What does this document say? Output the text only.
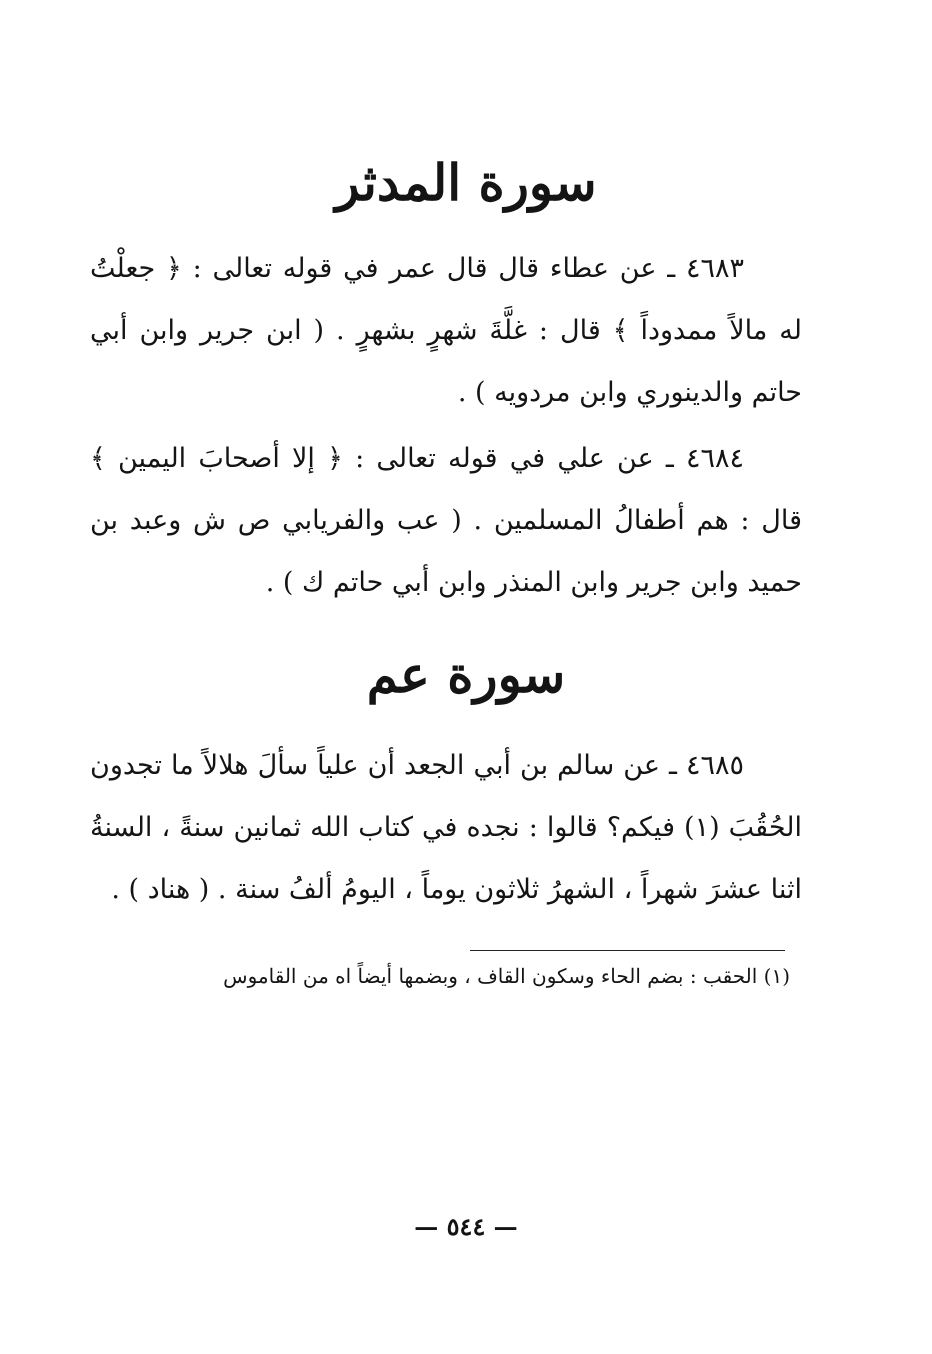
سورة المدثر
٤٦٨٣ ـ عن عطاء قال قال عمر في قوله تعالى : ﴿ جعلْتُ له مالاً ممدوداً ﴾ قال : غلَّةَ شهرٍ بشهرٍ . ( ابن جرير وابن أبي حاتم والدينوري وابن مردويه ) .
٤٦٨٤ ـ عن علي في قوله تعالى : ﴿ إلا أصحابَ اليمين ﴾ قال : هم أطفالُ المسلمين . ( عب والفريابي ص ش وعبد بن حميد وابن جرير وابن المنذر وابن أبي حاتم ك ) .
سورة عم
٤٦٨٥ ـ عن سالم بن أبي الجعد أن علياً سألَ هلالاً ما تجدون الحُقُبَ (١) فيكم؟ قالوا : نجده في كتاب الله ثمانين سنةً ، السنةُ اثنا عشرَ شهراً ، الشهرُ ثلاثون يوماً ، اليومُ ألفُ سنة . ( هناد ) .
(١) الحقب : بضم الحاء وسكون القاف ، وبضمها أيضاً اه من القاموس
— ٥٤٤ —
